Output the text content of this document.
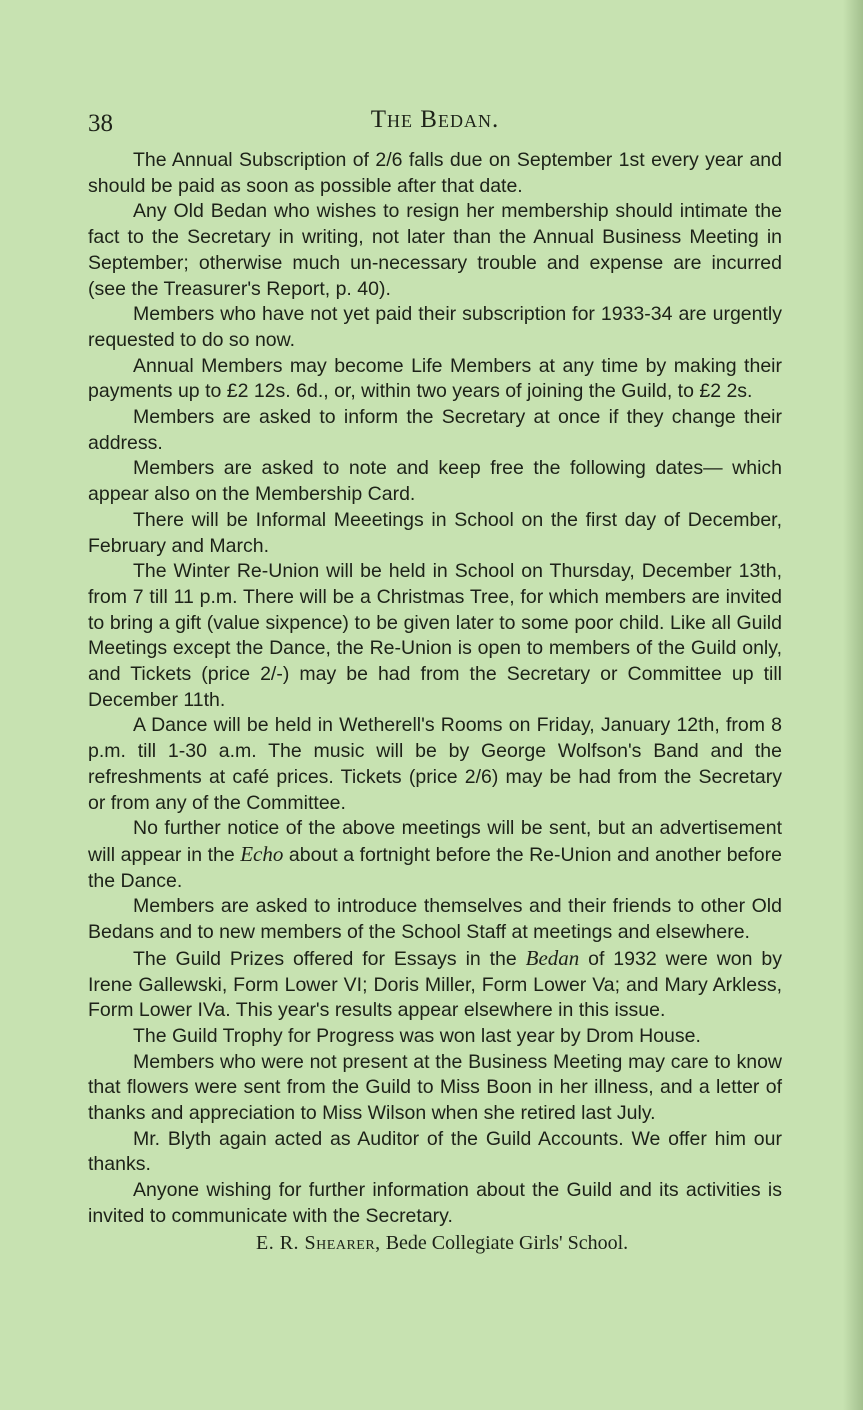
38	The Bedan.

The Annual Subscription of 2/6 falls due on September 1st every year and should be paid as soon as possible after that date.

Any Old Bedan who wishes to resign her membership should intimate the fact to the Secretary in writing, not later than the Annual Business Meeting in September; otherwise much un-necessary trouble and expense are incurred (see the Treasurer's Report, p. 40).

Members who have not yet paid their subscription for 1933-34 are urgently requested to do so now.

Annual Members may become Life Members at any time by making their payments up to £2 12s. 6d., or, within two years of joining the Guild, to £2 2s.

Members are asked to inform the Secretary at once if they change their address.

Members are asked to note and keep free the following dates— which appear also on the Membership Card.

There will be Informal Meeetings in School on the first day of December, February and March.

The Winter Re-Union will be held in School on Thursday, December 13th, from 7 till 11 p.m. There will be a Christmas Tree, for which members are invited to bring a gift (value sixpence) to be given later to some poor child. Like all Guild Meetings except the Dance, the Re-Union is open to members of the Guild only, and Tickets (price 2/-) may be had from the Secretary or Committee up till December 11th.

A Dance will be held in Wetherell's Rooms on Friday, January 12th, from 8 p.m. till 1-30 a.m. The music will be by George Wolfson's Band and the refreshments at café prices. Tickets (price 2/6) may be had from the Secretary or from any of the Committee.

No further notice of the above meetings will be sent, but an advertisement will appear in the Echo about a fortnight before the Re-Union and another before the Dance.

Members are asked to introduce themselves and their friends to other Old Bedans and to new members of the School Staff at meetings and elsewhere.

The Guild Prizes offered for Essays in the Bedan of 1932 were won by Irene Gallewski, Form Lower VI; Doris Miller, Form Lower Va; and Mary Arkless, Form Lower IVa. This year's results appear elsewhere in this issue.

The Guild Trophy for Progress was won last year by Drom House.

Members who were not present at the Business Meeting may care to know that flowers were sent from the Guild to Miss Boon in her illness, and a letter of thanks and appreciation to Miss Wilson when she retired last July.

Mr. Blyth again acted as Auditor of the Guild Accounts. We offer him our thanks.

Anyone wishing for further information about the Guild and its activities is invited to communicate with the Secretary.

E. R. Shearer, Bede Collegiate Girls' School.
